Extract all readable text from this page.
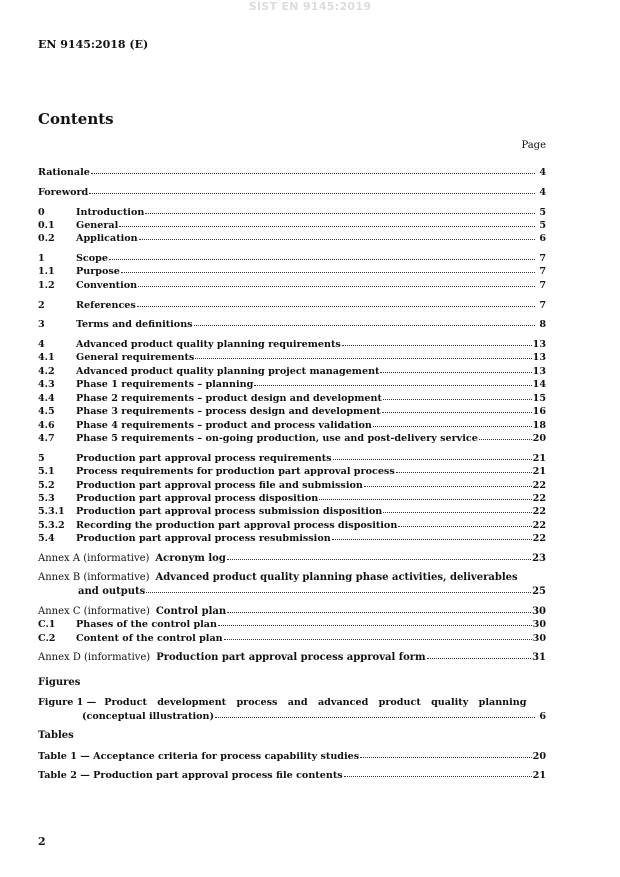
SIST EN 9145:2019
EN 9145:2018 (E)
Contents
Page
Rationale	4
Foreword	4
0	Introduction	5
0.1	General	5
0.2	Application	6
1	Scope	7
1.1	Purpose	7
1.2	Convention	7
2	References	7
3	Terms and definitions	8
4	Advanced product quality planning requirements	13
4.1	General requirements	13
4.2	Advanced product quality planning project management	13
4.3	Phase 1 requirements – planning	14
4.4	Phase 2 requirements – product design and development	15
4.5	Phase 3 requirements – process design and development	16
4.6	Phase 4 requirements – product and process validation	18
4.7	Phase 5 requirements – on-going production, use and post-delivery service	20
5	Production part approval process requirements	21
5.1	Process requirements for production part approval process	21
5.2	Production part approval process file and submission	22
5.3	Production part approval process disposition	22
5.3.1	Production part approval process submission disposition	22
5.3.2	Recording the production part approval process disposition	22
5.4	Production part approval process resubmission	22
Annex A (informative) Acronym log	23
Annex B (informative) Advanced product quality planning phase activities, deliverables
and outputs	25
Annex C (informative) Control plan	30
C.1	Phases of the control plan	30
C.2	Content of the control plan	30
Annex D (informative) Production part approval process approval form	31
Figures
Figure 1 — Product development process and advanced product quality planning
(conceptual illustration)	6
Tables
Table 1 — Acceptance criteria for process capability studies	20
Table 2 — Production part approval process file contents	21
2
